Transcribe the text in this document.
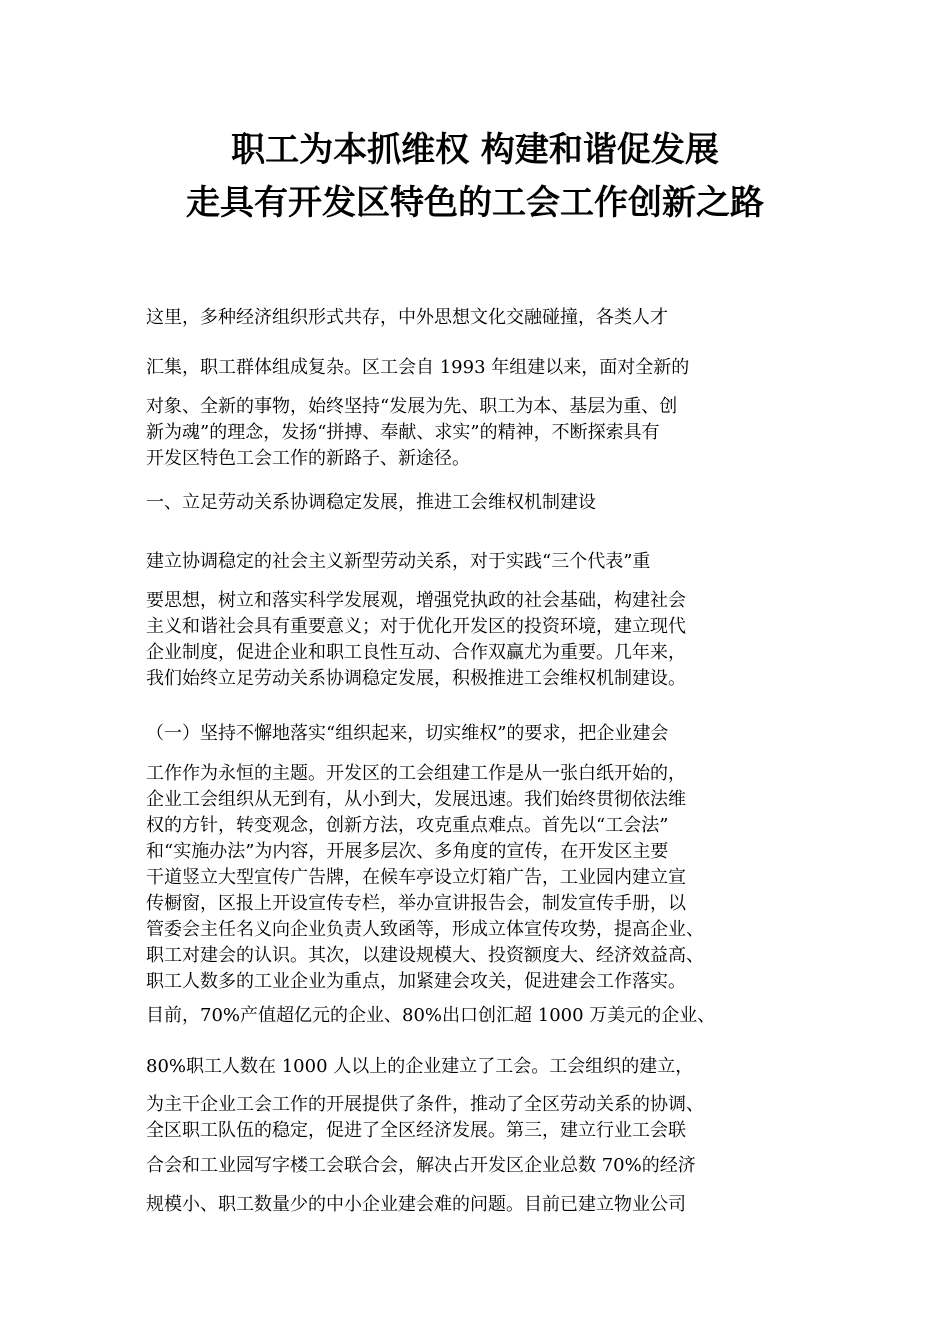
职工为本抓维权 构建和谐促发展
走具有开发区特色的工会工作创新之路
这里，多种经济组织形式共存，中外思想文化交融碰撞，各类人才
汇集，职工群体组成复杂。区工会自 1993 年组建以来，面对全新的
对象、全新的事物，始终坚持“发展为先、职工为本、基层为重、创
新为魂”的理念，发扬“拼搏、奉献、求实”的精神，不断探索具有
开发区特色工会工作的新路子、新途径。
一、立足劳动关系协调稳定发展，推进工会维权机制建设
建立协调稳定的社会主义新型劳动关系，对于实践“三个代表”重
要思想，树立和落实科学发展观，增强党执政的社会基础，构建社会
主义和谐社会具有重要意义；对于优化开发区的投资环境，建立现代
企业制度，促进企业和职工良性互动、合作双赢尤为重要。几年来，
我们始终立足劳动关系协调稳定发展，积极推进工会维权机制建设。
（一）坚持不懈地落实“组织起来，切实维权”的要求，把企业建会
工作作为永恒的主题。开发区的工会组建工作是从一张白纸开始的，
企业工会组织从无到有，从小到大，发展迅速。我们始终贯彻依法维
权的方针，转变观念，创新方法，攻克重点难点。首先以“工会法”
和“实施办法”为内容，开展多层次、多角度的宣传，在开发区主要
干道竖立大型宣传广告牌，在候车亭设立灯箱广告，工业园内建立宣
传橱窗，区报上开设宣传专栏，举办宣讲报告会，制发宣传手册，以
管委会主任名义向企业负责人致函等，形成立体宣传攻势，提高企业、
职工对建会的认识。其次，以建设规模大、投资额度大、经济效益高、
职工人数多的工业企业为重点，加紧建会攻关，促进建会工作落实。
目前，70%产值超亿元的企业、80%出口创汇超 1000 万美元的企业、
80%职工人数在 1000 人以上的企业建立了工会。工会组织的建立，
为主干企业工会工作的开展提供了条件，推动了全区劳动关系的协调、
全区职工队伍的稳定，促进了全区经济发展。第三，建立行业工会联
合会和工业园写字楼工会联合会，解决占开发区企业总数 70%的经济
规模小、职工数量少的中小企业建会难的问题。目前已建立物业公司
